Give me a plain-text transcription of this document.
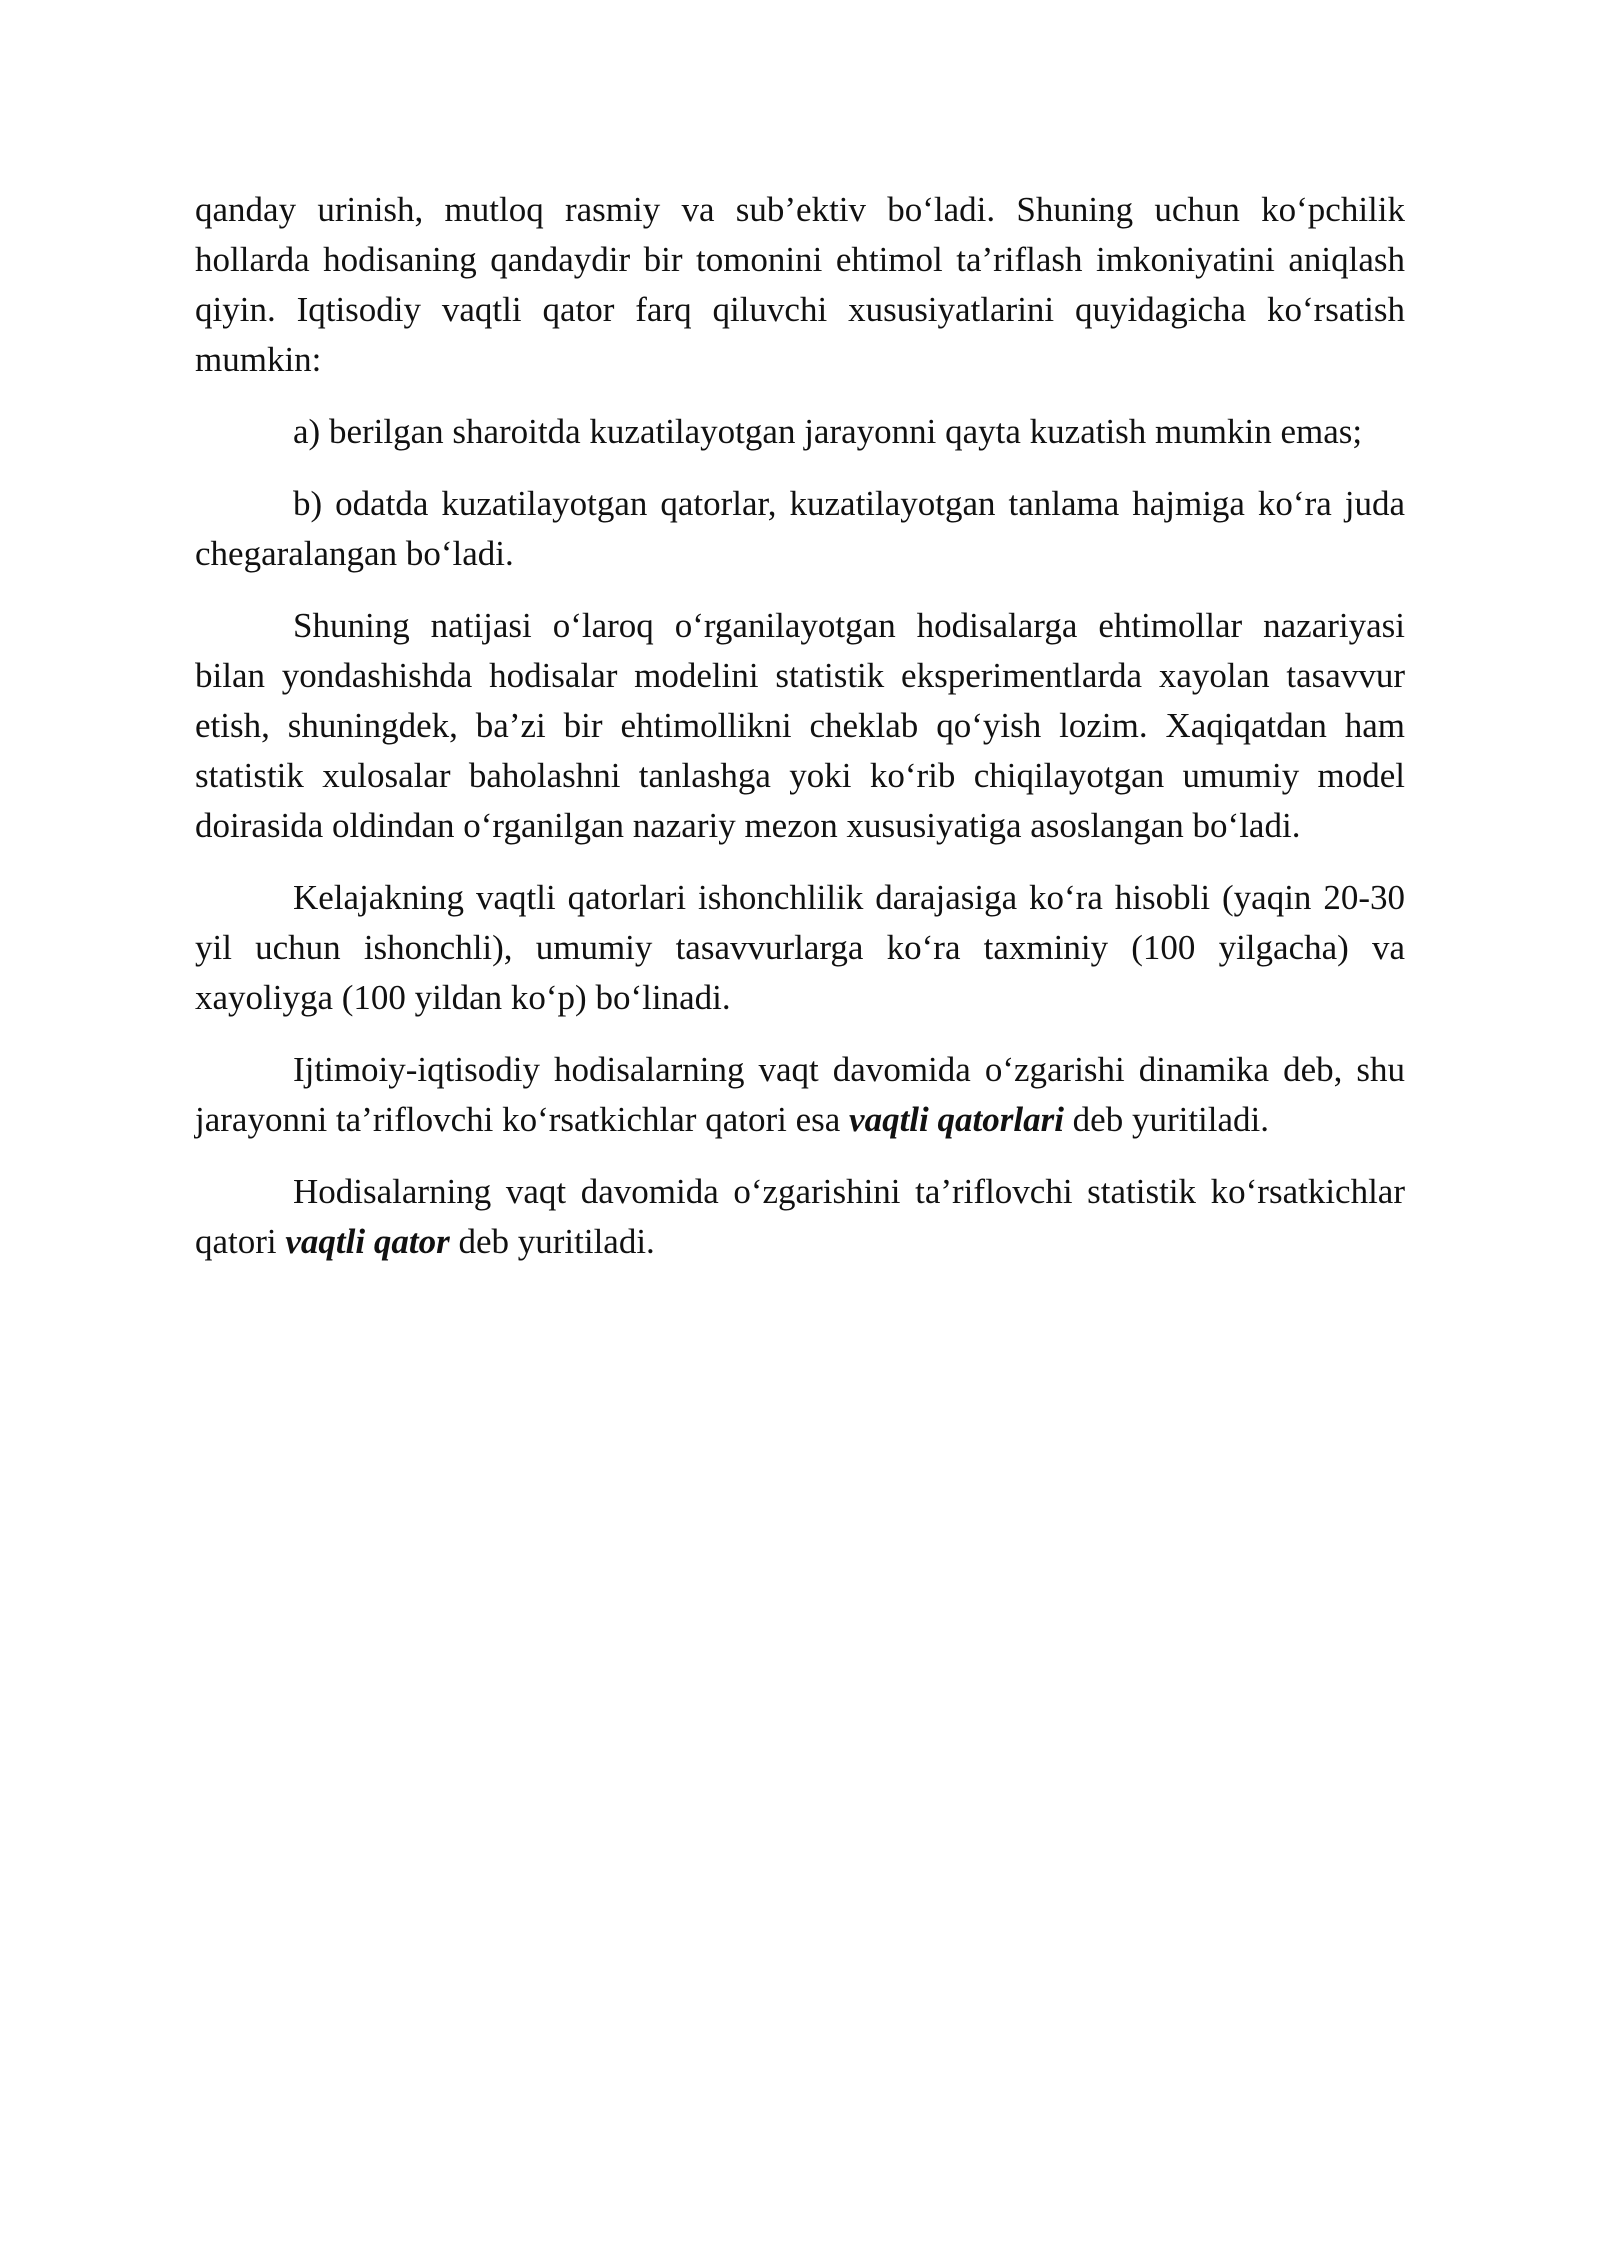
qanday urinish, mutloq rasmiy va sub’ektiv bo‘ladi. Shuning uchun ko‘pchilik hollarda hodisaning qandaydir bir tomonini ehtimol ta’riflash imkoniyatini aniqlash qiyin. Iqtisodiy vaqtli qator farq qiluvchi xususiyatlarini quyidagicha ko‘rsatish mumkin:

a) berilgan sharoitda kuzatilayotgan jarayonni qayta kuzatish mumkin emas;

b) odatda kuzatilayotgan qatorlar, kuzatilayotgan tanlama hajmiga ko‘ra juda chegaralangan bo‘ladi.

Shuning natijasi o‘laroq o‘rganilayotgan hodisalarga ehtimollar nazariyasi bilan yondashishda hodisalar modelini statistik eksperimentlarda xayolan tasavvur etish, shuningdek, ba’zi bir ehtimollikni cheklab qo‘yish lozim. Xaqiqatdan ham statistik xulosalar baholashni tanlashga yoki ko‘rib chiqilayotgan umumiy model doirasida oldindan o‘rganilgan nazariy mezon xususiyatiga asoslangan bo‘ladi.

Kelajakning vaqtli qatorlari ishonchlilik darajasiga ko‘ra hisobli (yaqin 20-30 yil uchun ishonchli), umumiy tasavvurlarga ko‘ra taxminiy (100 yilgacha) va xayoliyga (100 yildan ko‘p) bo‘linadi.

Ijtimoiy-iqtisodiy hodisalarning vaqt davomida o‘zgarishi dinamika deb, shu jarayonni ta’riflovchi ko‘rsatkichlar qatori esa vaqtli qatorlari deb yuritiladi.

Hodisalarning vaqt davomida o‘zgarishini ta’riflovchi statistik ko‘rsatkichlar qatori vaqtli qator deb yuritiladi.
